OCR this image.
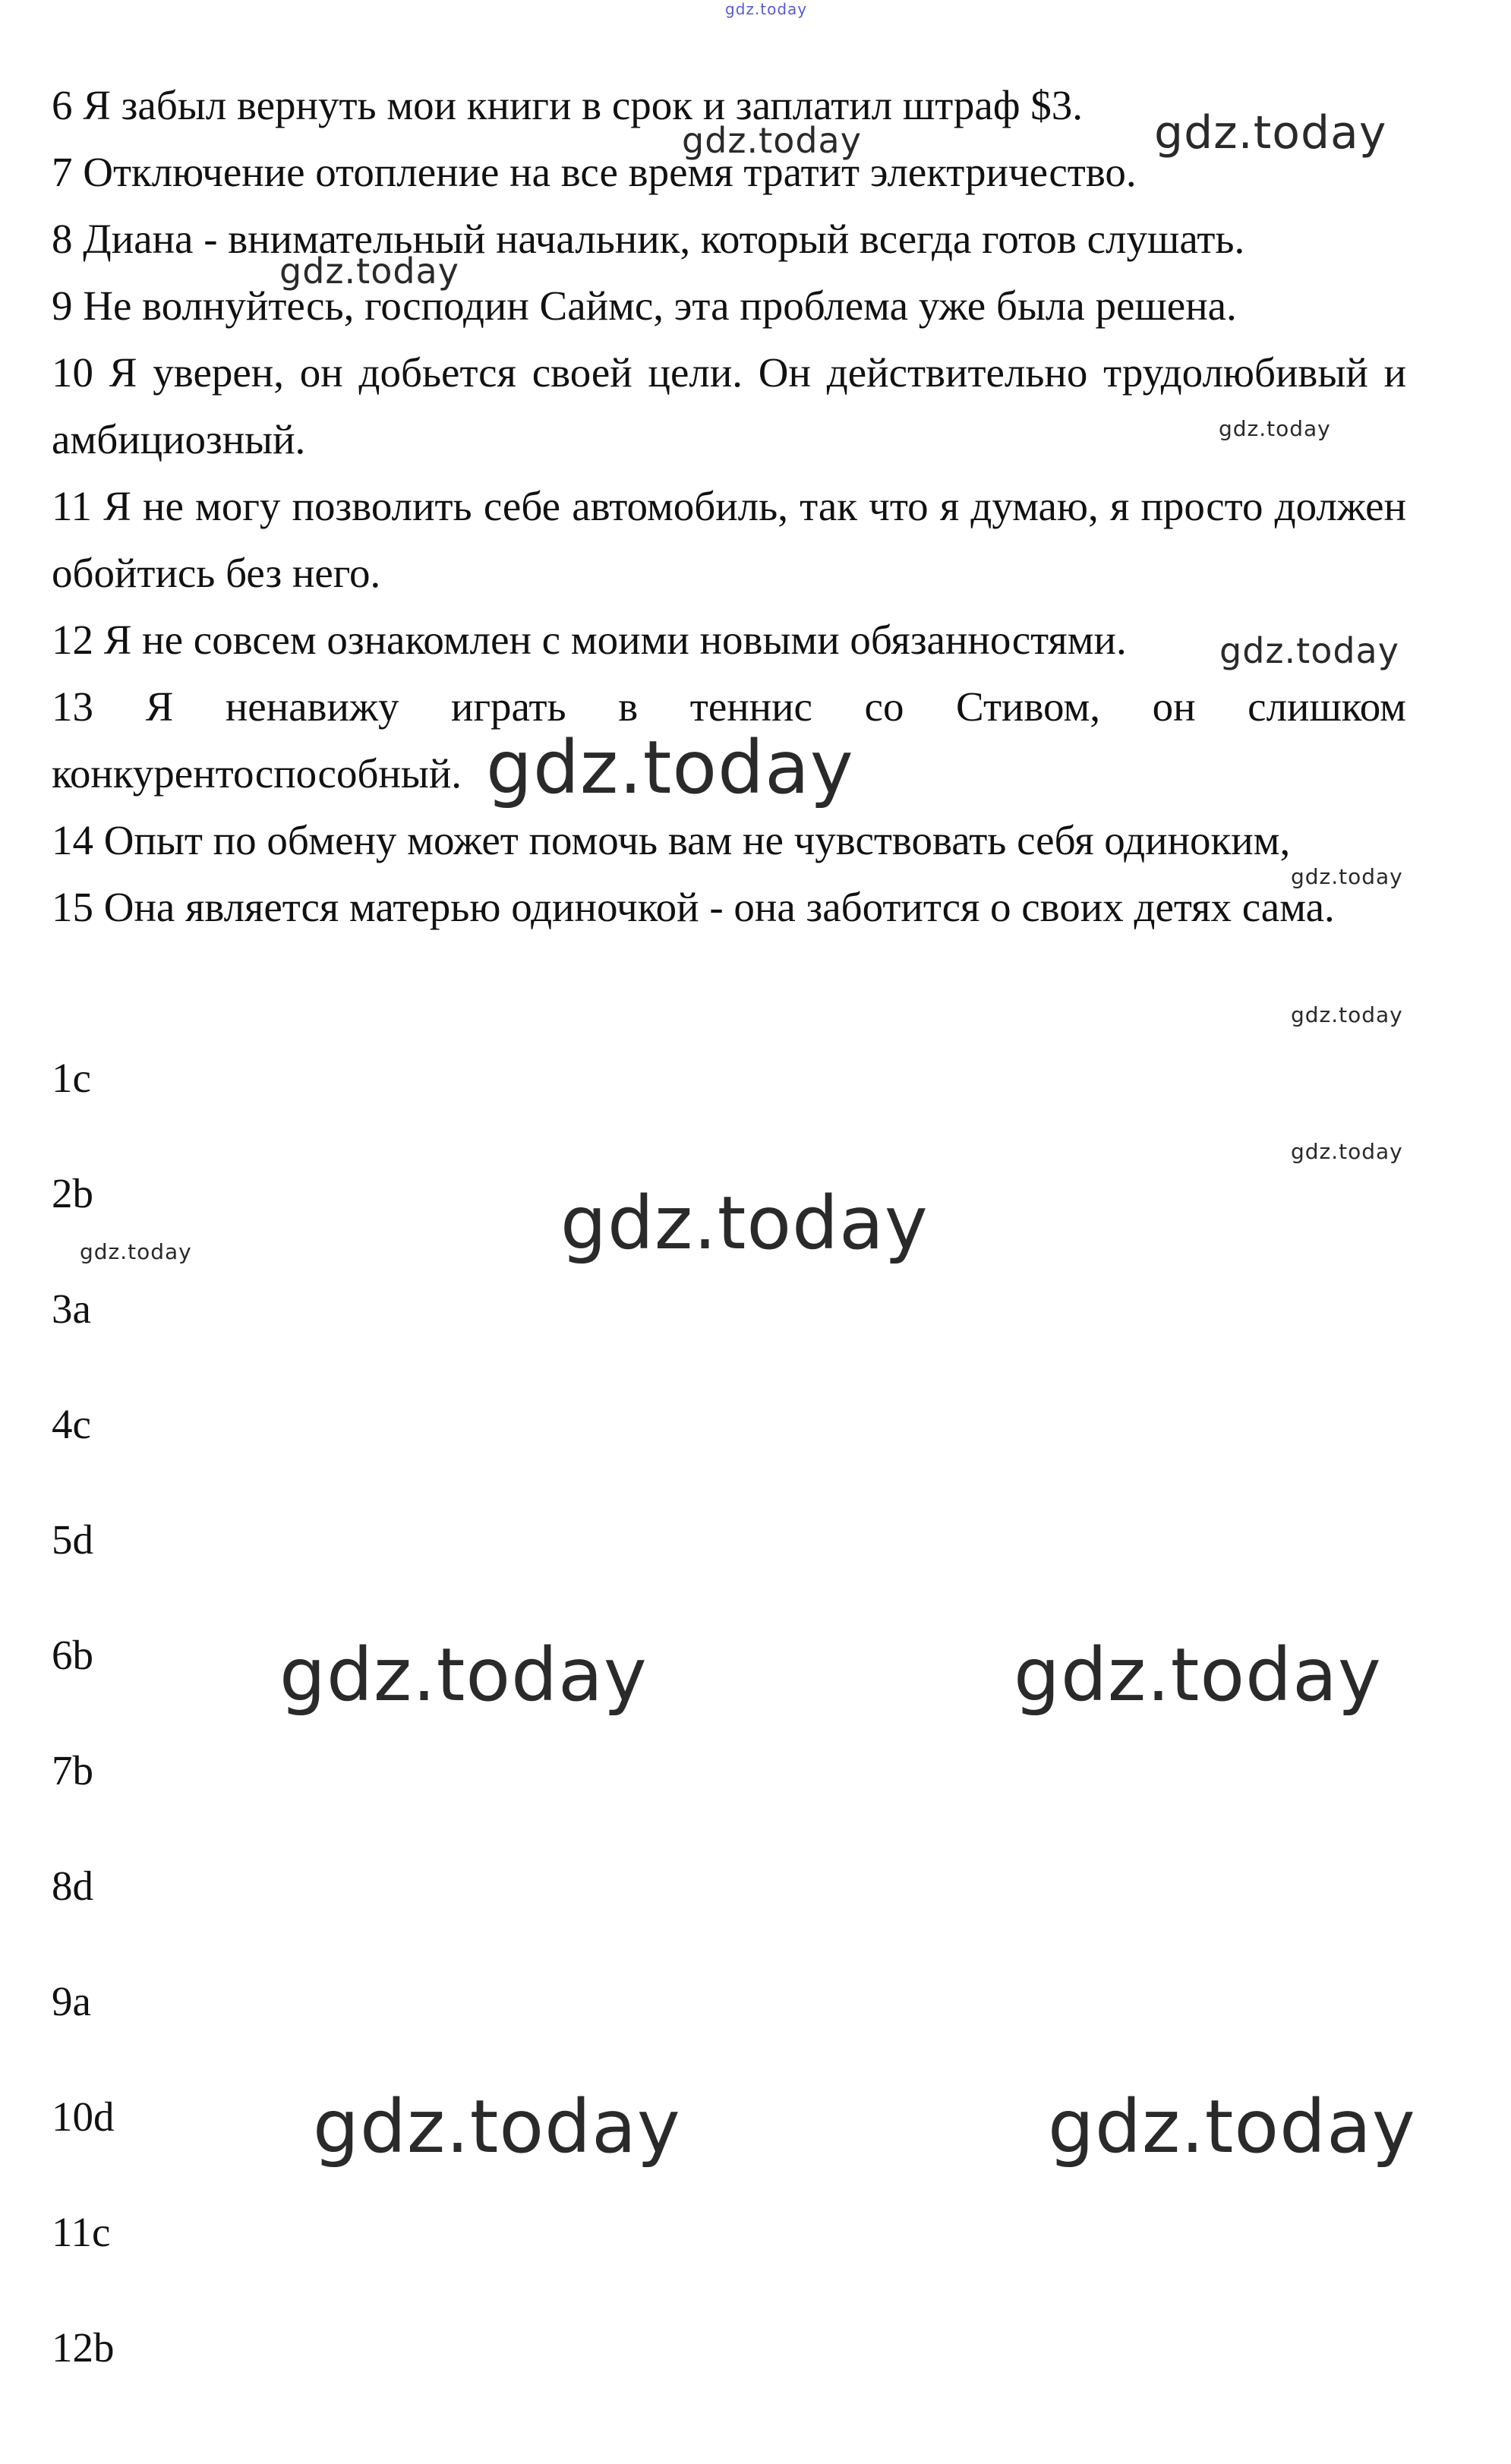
6 Я забыл вернуть мои книги в срок и заплатил штраф $3.

7 Отключение отопление на все время тратит электричество.

8 Диана - внимательный начальник, который всегда готов слушать.

9 Не волнуйтесь, господин Саймс, эта проблема уже была решена.

10 Я уверен, он добьется своей цели. Он действительно трудолюбивый и амбициозный.

11 Я не могу позволить себе автомобиль, так что я думаю, я просто должен обойтись без него.

12 Я не совсем ознакомлен с моими новыми обязанностями.

13 Я ненавижу играть в теннис со Стивом, он слишком конкурентоспособный.

14 Опыт по обмену может помочь вам не чувствовать себя одиноким,

15 Она является матерью одиночкой - она заботится о своих детях сама.

1c
2b
3a
4c
5d
6b
7b
8d
9a
10d
11c
12b
gdz.today
gdz.today	gdz.today
gdz.today
gdz.today
gdz.today
gdz.today
gdz.today
gdz.today
gdz.today
gdz.today
gdz.today
gdz.today	gdz.today
gdz.today	gdz.today
